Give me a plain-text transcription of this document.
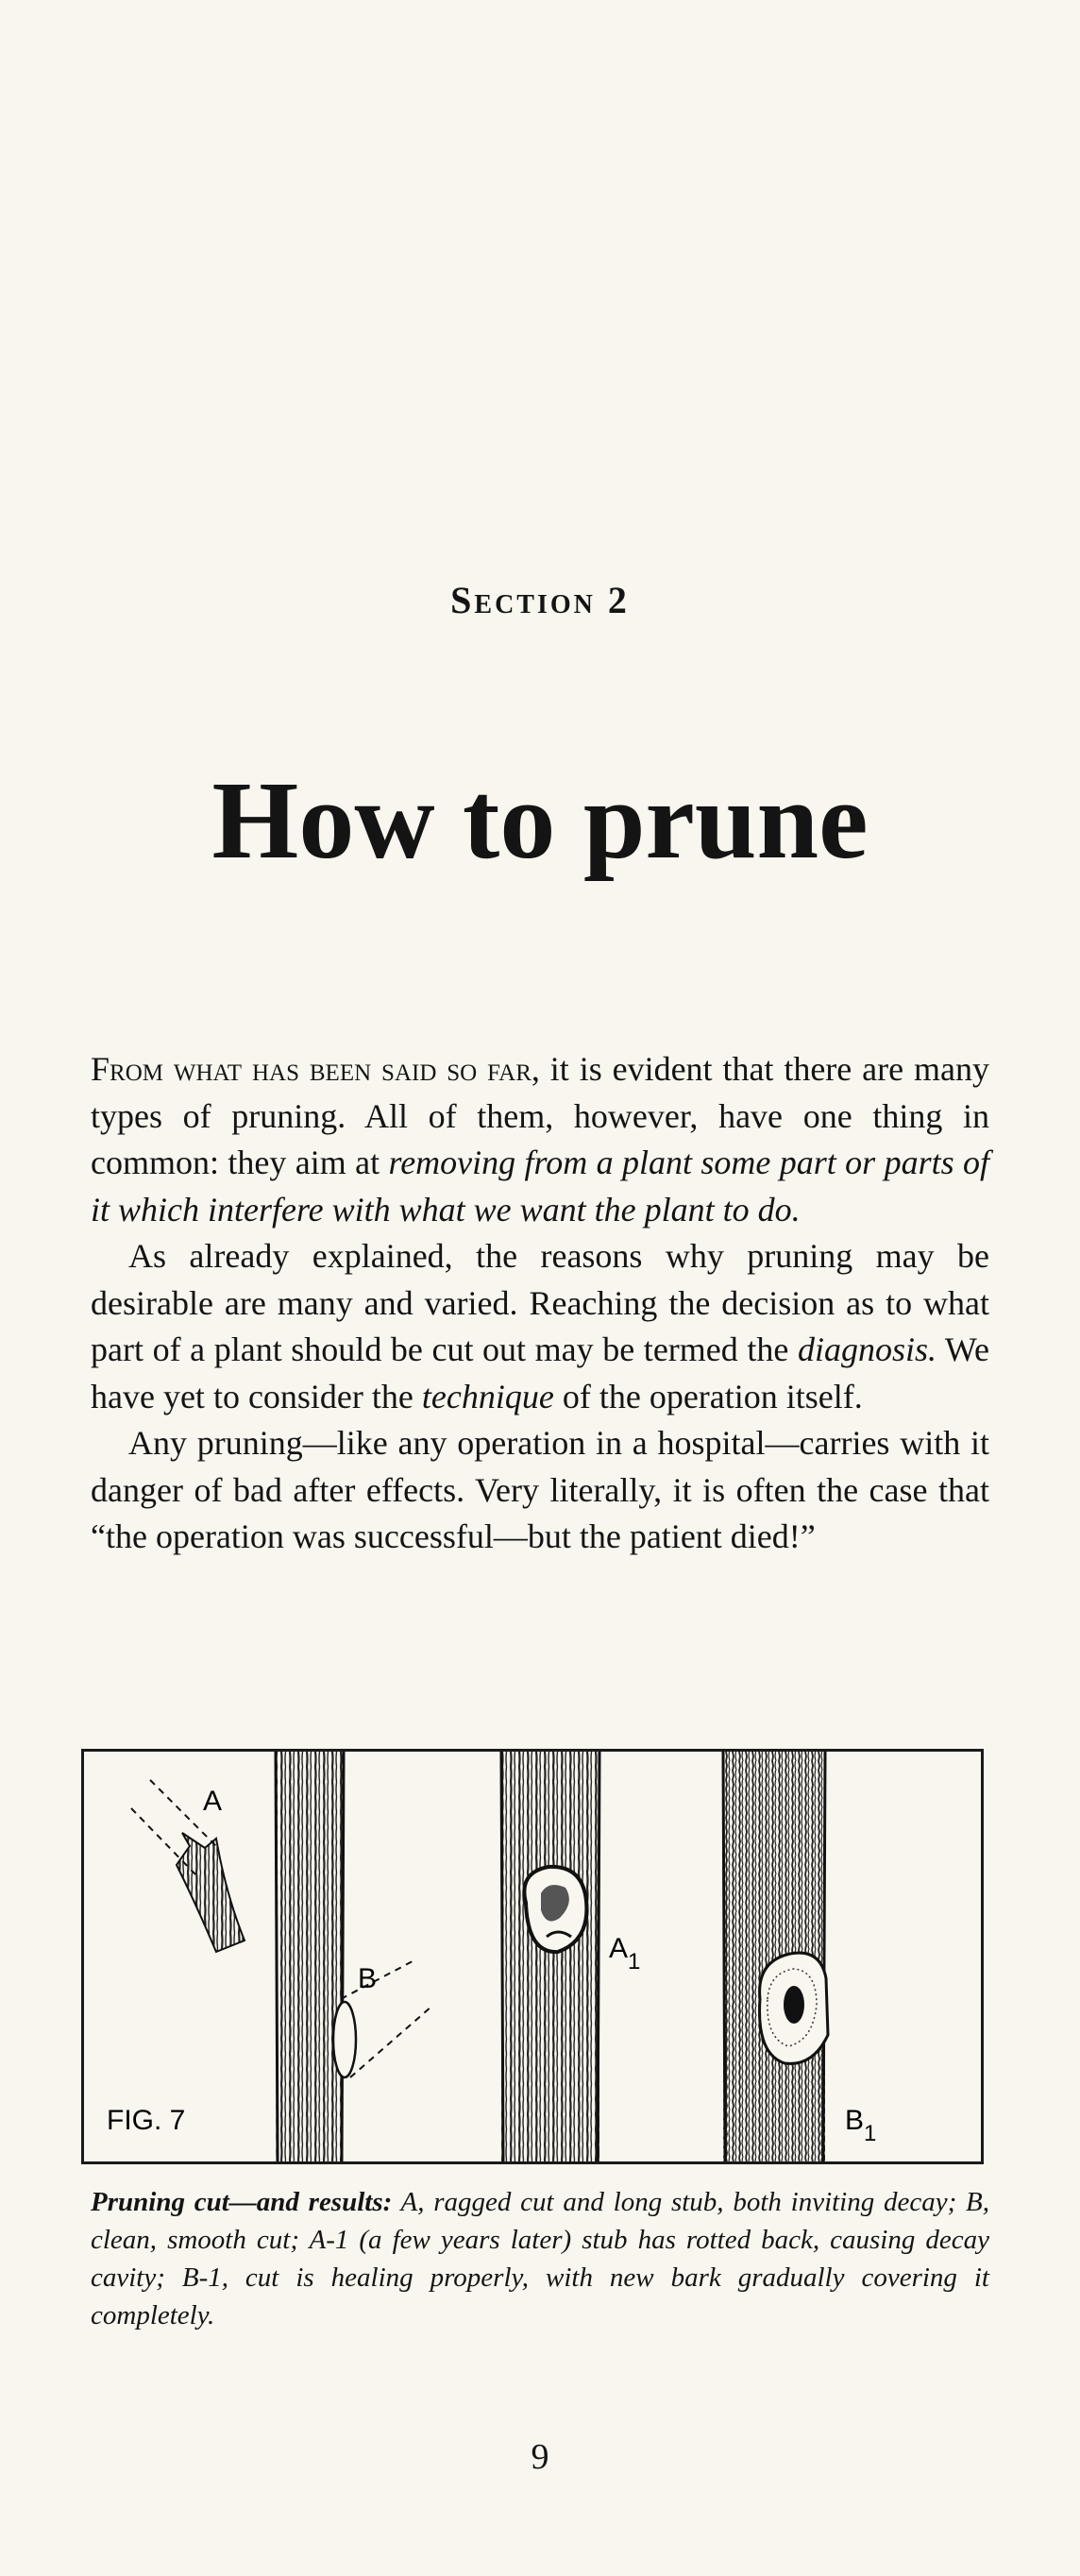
Section 2
How to prune

From what has been said so far, it is evident that there are many types of pruning. All of them, however, have one thing in common: they aim at removing from a plant some part or parts of it which interfere with what we want the plant to do.

As already explained, the reasons why pruning may be desirable are many and varied. Reaching the decision as to what part of a plant should be cut out may be termed the diagnosis. We have yet to consider the technique of the operation itself.

Any pruning—like any operation in a hospital—carries with it danger of bad after effects. Very literally, it is often the case that “the operation was successful—but the patient died!”

A
B
$A_1$
$B_1$
FIG. 7
Pruning cut—and results: A, ragged cut and long stub, both inviting decay; B, clean, smooth cut; A-1 (a few years later) stub has rotted back, causing decay cavity; B-1, cut is healing properly, with new bark gradually covering it completely.
9
